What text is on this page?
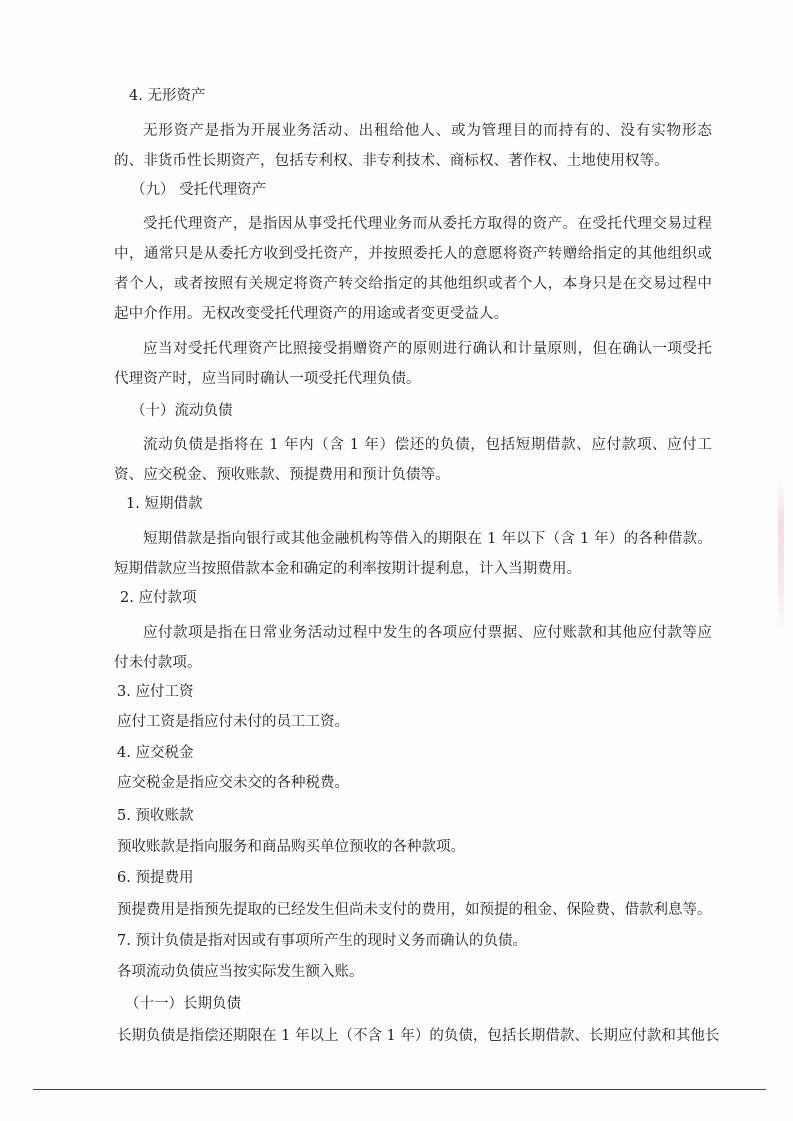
4. 无形资产
无形资产是指为开展业务活动、出租给他人、或为管理目的而持有的、没有实物形态的、非货币性长期资产，包括专利权、非专利技术、商标权、著作权、土地使用权等。
（九） 受托代理资产
受托代理资产，是指因从事受托代理业务而从委托方取得的资产。在受托代理交易过程中，通常只是从委托方收到受托资产，并按照委托人的意愿将资产转赠给指定的其他组织或者个人，或者按照有关规定将资产转交给指定的其他组织或者个人，本身只是在交易过程中起中介作用。无权改变受托代理资产的用途或者变更受益人。
应当对受托代理资产比照接受捐赠资产的原则进行确认和计量原则，但在确认一项受托代理资产时，应当同时确认一项受托代理负债。
（十）流动负债
流动负债是指将在 1 年内（含 1 年）偿还的负债，包括短期借款、应付款项、应付工资、应交税金、预收账款、预提费用和预计负债等。
1. 短期借款
短期借款是指向银行或其他金融机构等借入的期限在 1 年以下（含 1 年）的各种借款。短期借款应当按照借款本金和确定的利率按期计提利息，计入当期费用。
2. 应付款项
应付款项是指在日常业务活动过程中发生的各项应付票据、应付账款和其他应付款等应付未付款项。
3. 应付工资
应付工资是指应付未付的员工工资。
4. 应交税金
应交税金是指应交未交的各种税费。
5. 预收账款
预收账款是指向服务和商品购买单位预收的各种款项。
6. 预提费用
预提费用是指预先提取的已经发生但尚未支付的费用，如预提的租金、保险费、借款利息等。
7. 预计负债是指对因或有事项所产生的现时义务而确认的负债。
各项流动负债应当按实际发生额入账。
（十一）长期负债
长期负债是指偿还期限在 1 年以上（不含 1 年）的负债，包括长期借款、长期应付款和其他长
